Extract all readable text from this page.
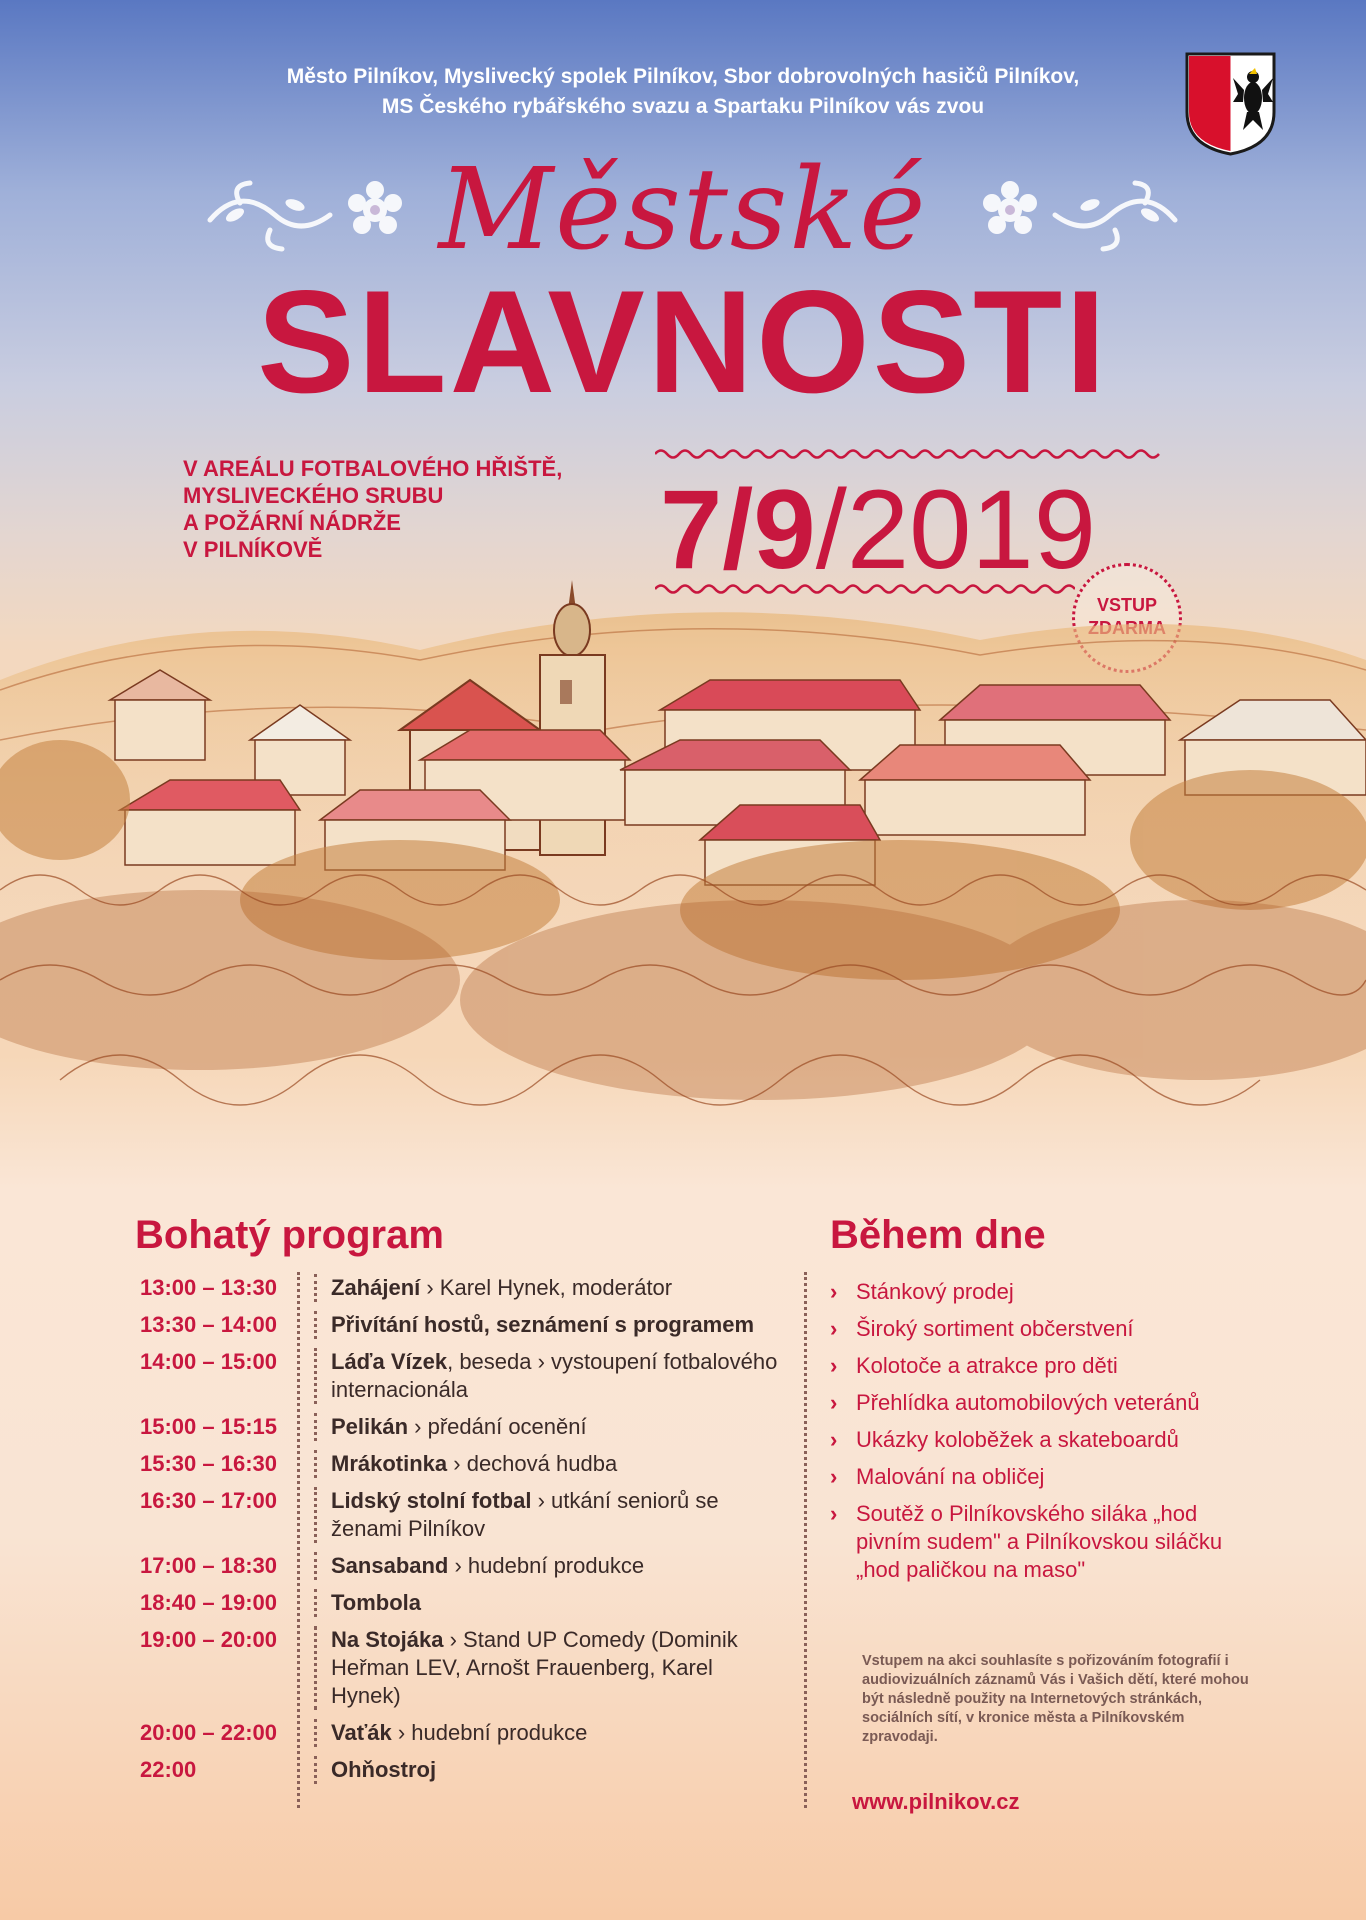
Město Pilníkov, Myslivecký spolek Pilníkov, Sbor dobrovolných hasičů Pilníkov,
MS Českého rybářského svazu a Spartaku Pilníkov vás zvou
Městské
SLAVNOSTI
V AREÁLU FOTBALOVÉHO HŘIŠTĚ,
MYSLIVECKÉHO SRUBU
A POŽÁRNÍ NÁDRŽE
V PILNÍKOVĚ	7/9/2019
VSTUP
Bohatý program	Během dne
13:00 – 13:30	Zahájení › Karel Hynek, moderátor
13:30 – 14:00	Přivítání hostů, seznámení s programem
14:00 – 15:00	Láďa Vízek, beseda › vystoupení fotbalového internacionála
15:00 – 15:15	Pelikán › předání ocenění
15:30 – 16:30	Mrákotinka › dechová hudba
16:30 – 17:00	Lidský stolní fotbal › utkání seniorů se ženami Pilníkov
17:00 – 18:30	Sansaband › hudební produkce
18:40 – 19:00	Tombola
19:00 – 20:00	Na Stojáka › Stand UP Comedy (Dominik Heřman LEV, Arnošt Frauenberg, Karel Hynek)
20:00 – 22:00	Vaťák › hudební produkce
22:00	Ohňostroj
› Stánkový prodej
› Široký sortiment občerstvení
› Kolotoče a atrakce pro děti
› Přehlídka automobilových veteránů
› Ukázky koloběžek a skateboardů
› Malování na obličej
› Soutěž o Pilníkovského siláka „hod pivním sudem" a Pilníkovskou siláčku „hod paličkou na maso"
Vstupem na akci souhlasíte s pořizováním fotografií i audiovizuálních záznamů Vás i Vašich dětí, které mohou být následně použity na Internetových stránkách, sociálních sítí, v kronice města a Pilníkovském zpravodaji.
www.pilnikov.cz
